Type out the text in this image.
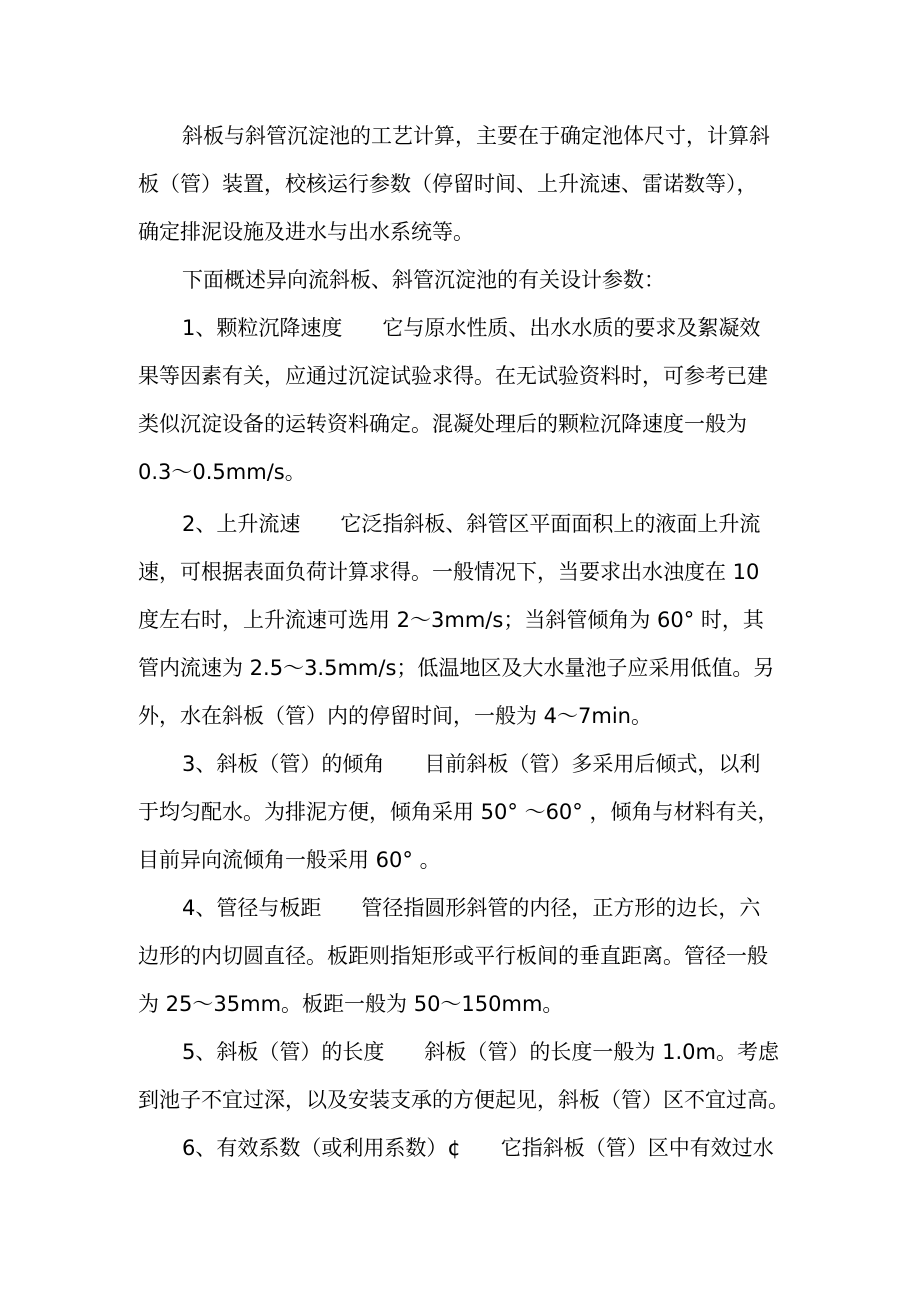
斜板与斜管沉淀池的工艺计算，主要在于确定池体尺寸，计算斜
板（管）装置，校核运行参数（停留时间、上升流速、雷诺数等），
确定排泥设施及进水与出水系统等。
下面概述异向流斜板、斜管沉淀池的有关设计参数：
1、颗粒沉降速度      它与原水性质、出水水质的要求及絮凝效
果等因素有关，应通过沉淀试验求得。在无试验资料时，可参考已建
类似沉淀设备的运转资料确定。混凝处理后的颗粒沉降速度一般为
0.3～0.5mm/s。
2、上升流速      它泛指斜板、斜管区平面面积上的液面上升流
速，可根据表面负荷计算求得。一般情况下，当要求出水浊度在 10
度左右时，上升流速可选用 2～3mm/s；当斜管倾角为 60° 时，其
管内流速为 2.5～3.5mm/s；低温地区及大水量池子应采用低值。另
外，水在斜板（管）内的停留时间，一般为 4～7min。
3、斜板（管）的倾角      目前斜板（管）多采用后倾式，以利
于均匀配水。为排泥方便，倾角采用 50° ～60° ，倾角与材料有关，
目前异向流倾角一般采用 60° 。
4、管径与板距      管径指圆形斜管的内径，正方形的边长，六
边形的内切圆直径。板距则指矩形或平行板间的垂直距离。管径一般
为 25～35mm。板距一般为 50～150mm。
5、斜板（管）的长度      斜板（管）的长度一般为 1.0m。考虑
到池子不宜过深，以及安装支承的方便起见，斜板（管）区不宜过高。
6、有效系数（或利用系数）¢      它指斜板（管）区中有效过水
